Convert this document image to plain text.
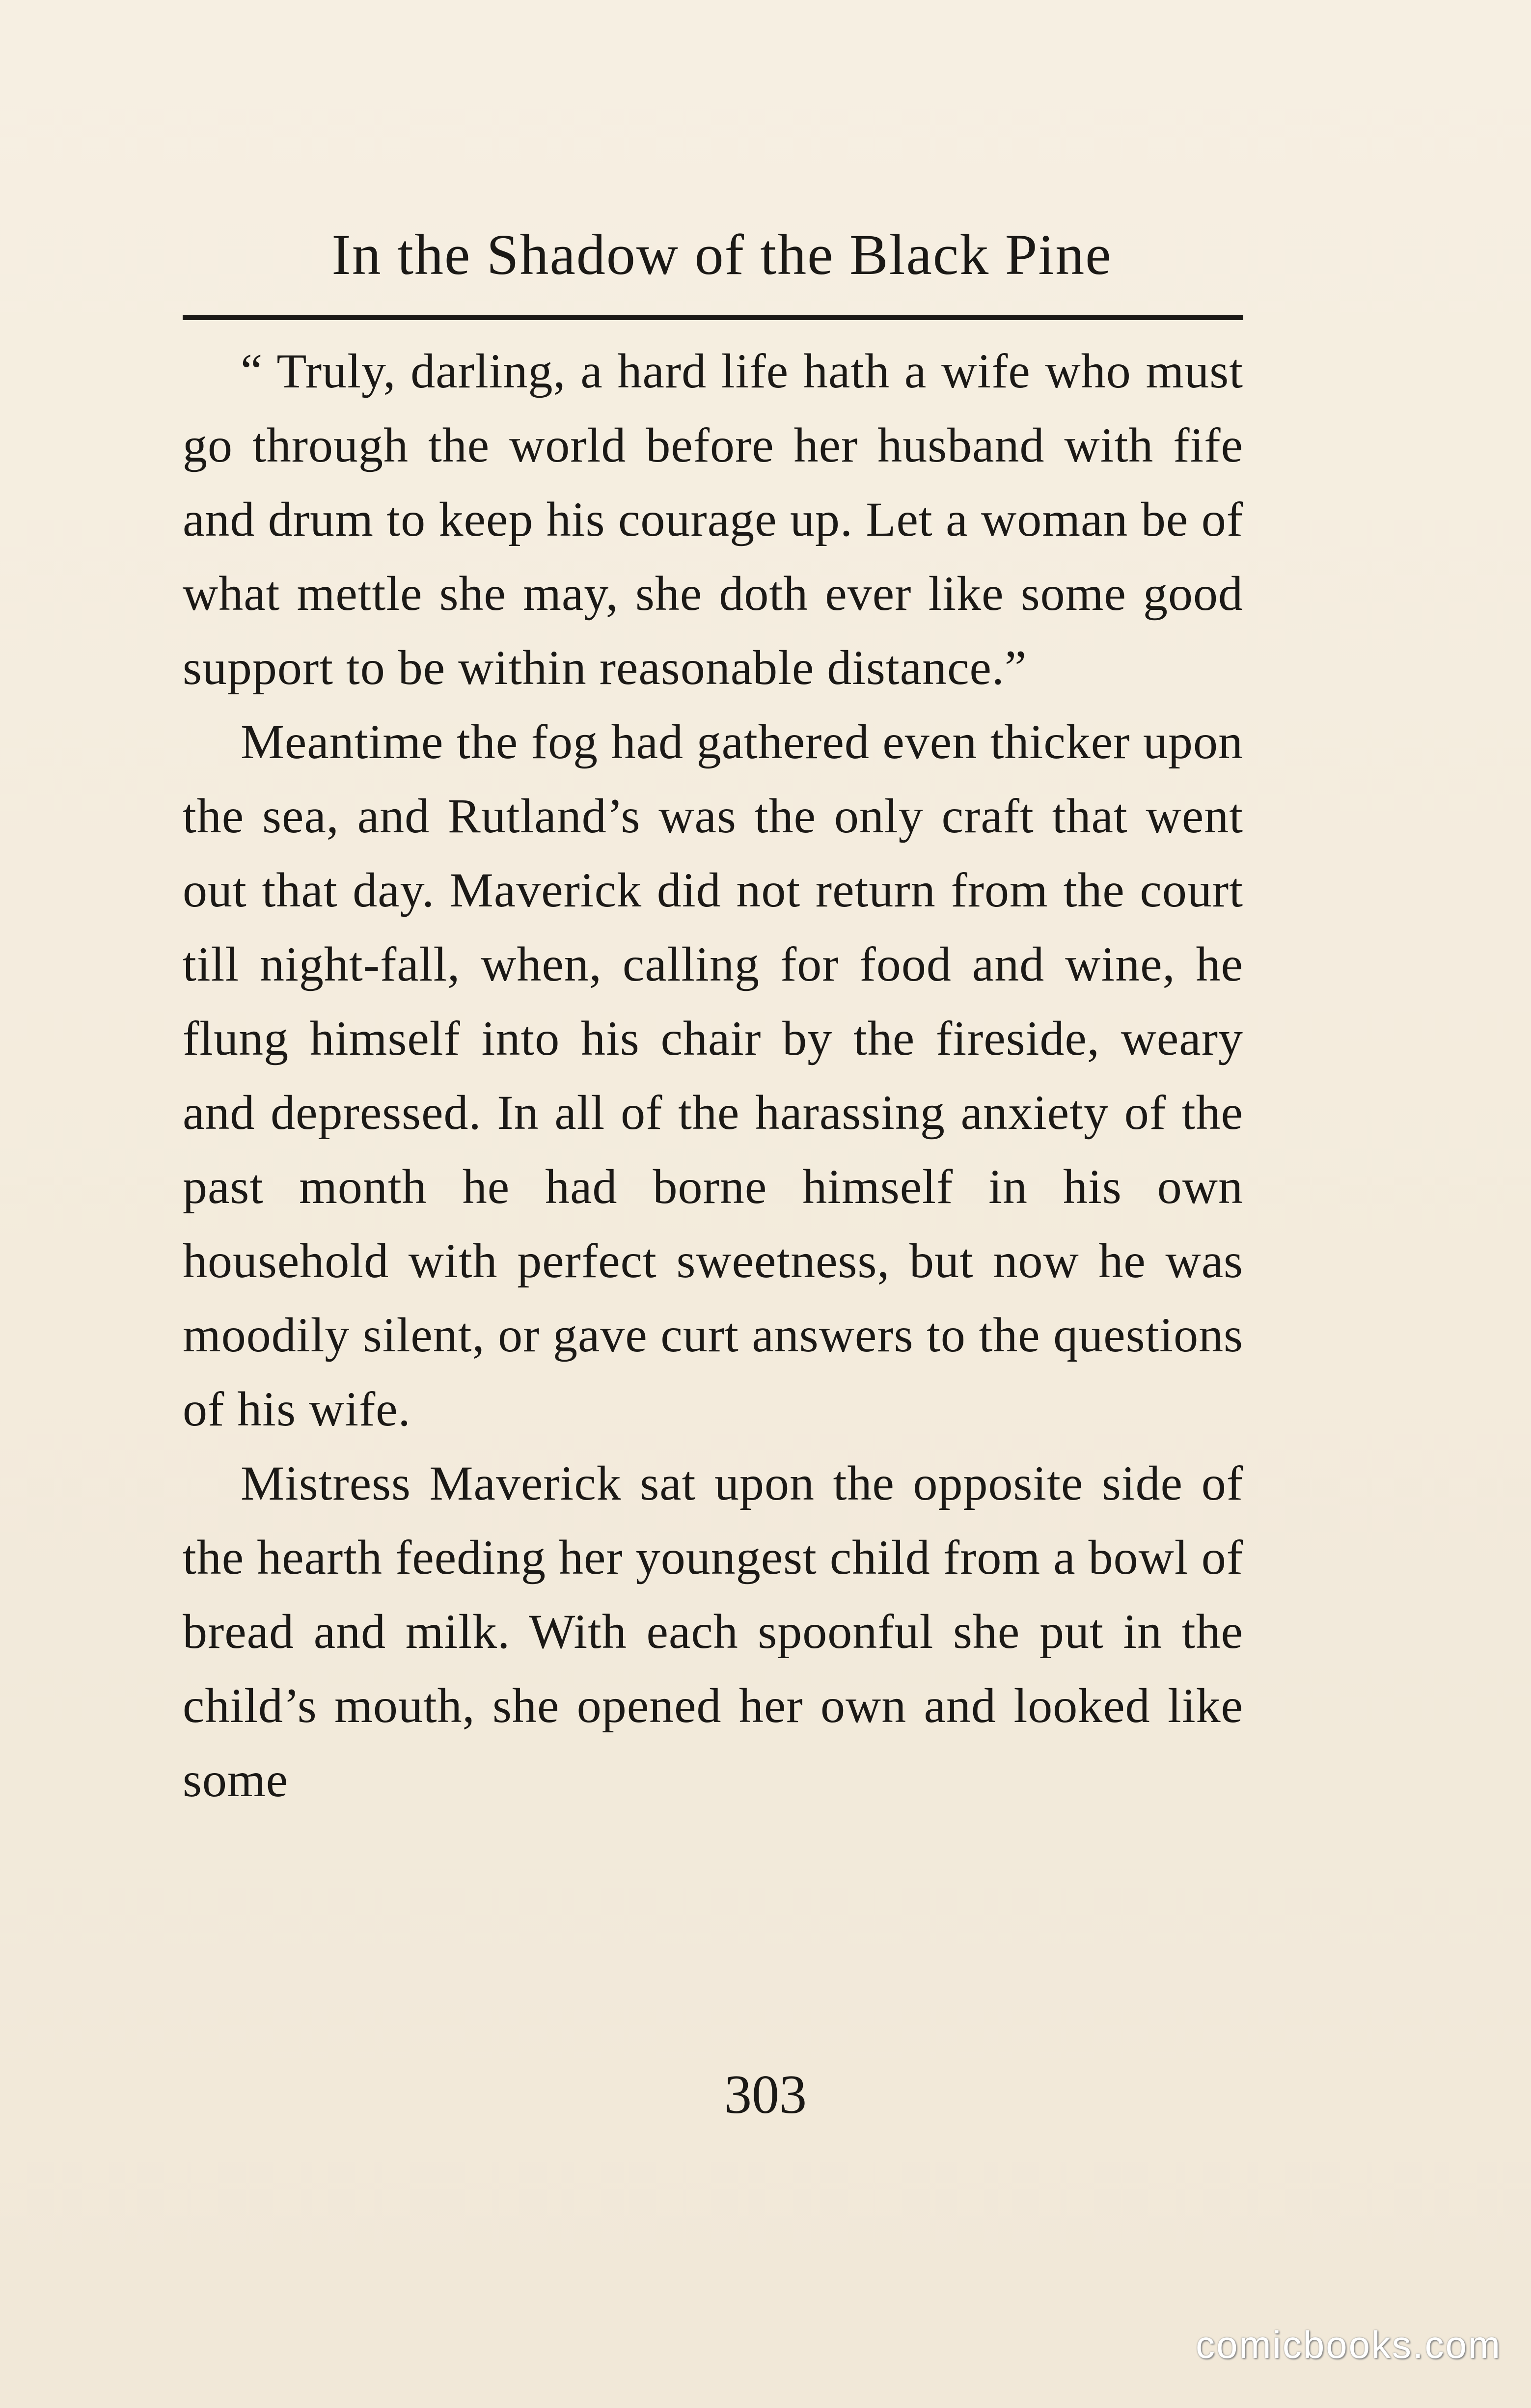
In the Shadow of the Black Pine

“ Truly, darling, a hard life hath a wife who must go through the world before her husband with fife and drum to keep his courage up. Let a woman be of what mettle she may, she doth ever like some good support to be within reasonable distance.”

Meantime the fog had gathered even thicker upon the sea, and Rutland’s was the only craft that went out that day. Maverick did not return from the court till night-fall, when, calling for food and wine, he flung himself into his chair by the fireside, weary and depressed. In all of the harassing anxiety of the past month he had borne himself in his own household with perfect sweetness, but now he was moodily silent, or gave curt answers to the questions of his wife.

Mistress Maverick sat upon the opposite side of the hearth feeding her youngest child from a bowl of bread and milk. With each spoonful she put in the child’s mouth, she opened her own and looked like some

303
comicbooks.com
